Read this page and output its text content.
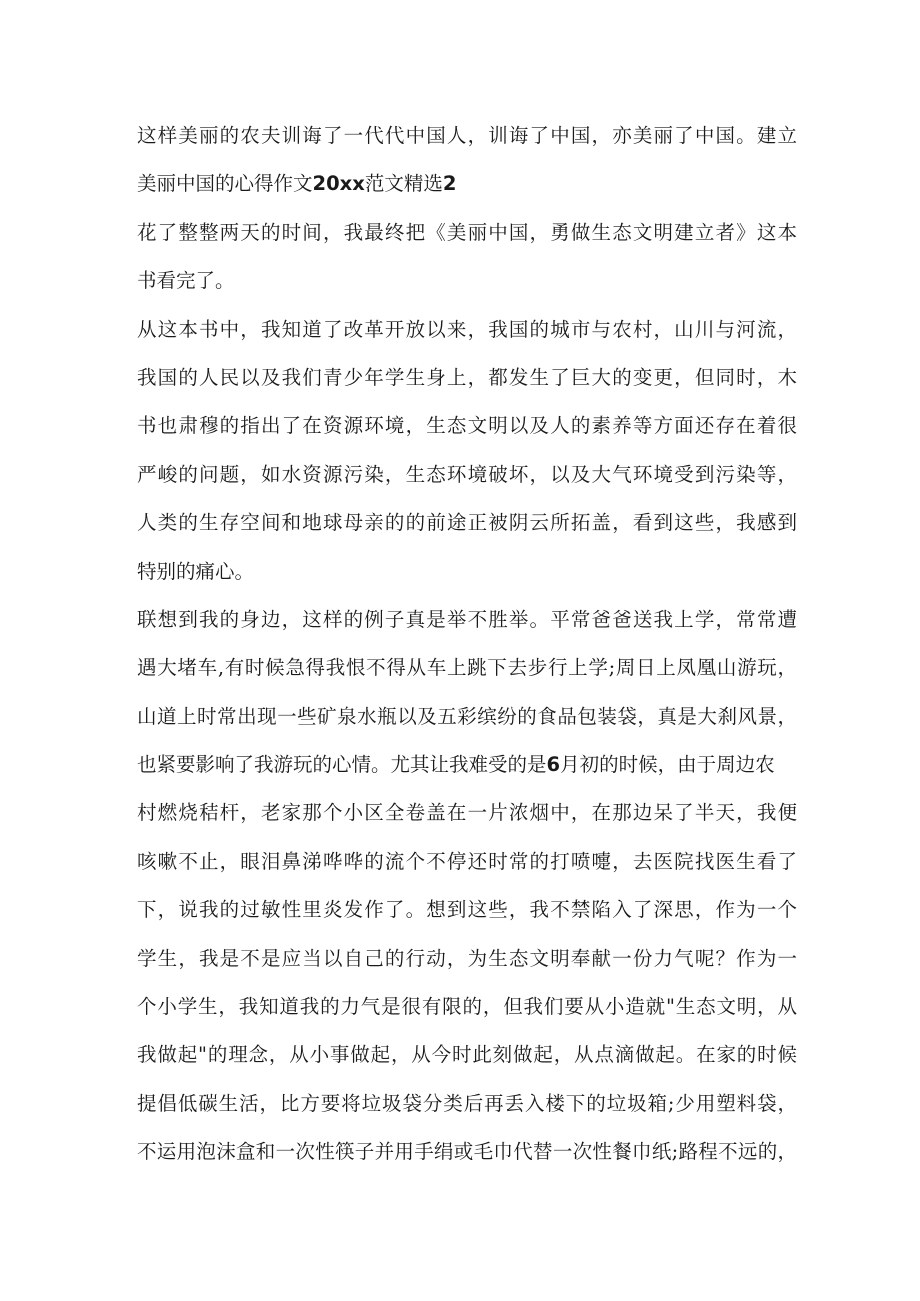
这样美丽的农夫训诲了一代代中国人，训诲了中国，亦美丽了中国。建立
美丽中国的心得作文20xx范文精选2
花了整整两天的时间，我最终把《美丽中国，勇做生态文明建立者》这本
书看完了。
从这本书中，我知道了改革开放以来，我国的城市与农村，山川与河流，
我国的人民以及我们青少年学生身上，都发生了巨大的变更，但同时，木
书也肃穆的指出了在资源环境，生态文明以及人的素养等方面还存在着很
严峻的问题，如水资源污染，生态环境破坏，以及大气环境受到污染等，
人类的生存空间和地球母亲的的前途正被阴云所拓盖，看到这些，我感到
特别的痛心。
联想到我的身边，这样的例子真是举不胜举。平常爸爸送我上学，常常遭
遇大堵车,有时候急得我恨不得从车上跳下去步行上学;周日上凤凰山游玩，
山道上时常出现一些矿泉水瓶以及五彩缤纷的食品包装袋，真是大刹风景，
也紧要影响了我游玩的心情。尤其让我难受的是6月初的时候，由于周边农
村燃烧秸杆，老家那个小区全卷盖在一片浓烟中，在那边呆了半天，我便
咳嗽不止，眼泪鼻涕哗哗的流个不停还时常的打喷嚏，去医院找医生看了
下，说我的过敏性里炎发作了。想到这些，我不禁陷入了深思，作为一个
学生，我是不是应当以自己的行动，为生态文明奉献一份力气呢？作为一
个小学生，我知道我的力气是很有限的，但我们要从小造就"生态文明，从
我做起"的理念，从小事做起，从今时此刻做起，从点滴做起。在家的时候
提倡低碳生活，比方要将垃圾袋分类后再丢入楼下的垃圾箱;少用塑料袋，
不运用泡沫盒和一次性筷子并用手绢或毛巾代替一次性餐巾纸;路程不远的，
